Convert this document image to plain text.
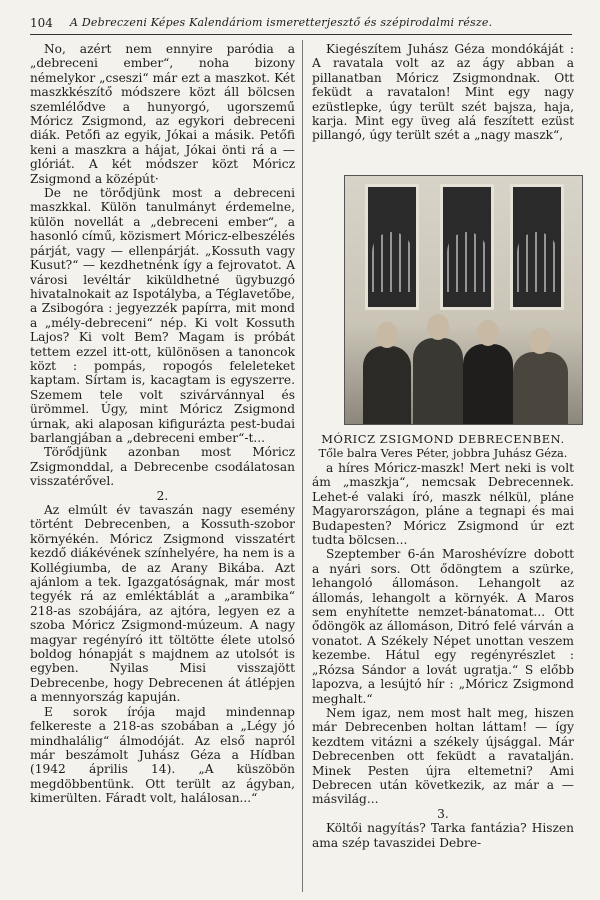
104 A Debreczeni Képes Kalendáriom ismeretterjesztő és szépirodalmi része.

No, azért nem ennyire paródia a „debreceni ember“, noha bizony némelykor „cseszi“ már ezt a maszkot. Két maszkkészítő módszere közt áll bölcsen szemlélődve a hunyorgó, ugorszemű Móricz Zsigmond, az egykori debreceni diák. Petőfi az egyik, Jókai a másik. Petőfi keni a maszkra a hájat, Jókai önti rá a — glóriát. A két módszer közt Móricz Zsigmond a középút·

De ne törődjünk most a debreceni maszkkal. Külön tanulmányt érdemelne, külön novellát a „debreceni ember“, a hasonló című, közismert Móricz-elbeszélés párját, vagy — ellenpárját. „Kossuth vagy Kusut?“ — kezdhetnénk így a fejrovatot. A városi levéltár kiküldhetné ügybuzgó hivatalnokait az Ispotályba, a Téglavetőbe, a Zsibogóra : jegyezzék papírra, mit mond a „mély-debreceni“ nép. Ki volt Kossuth Lajos? Ki volt Bem? Magam is próbát tettem ezzel itt-ott, különösen a tanoncok közt : pompás, ropogós feleleteket kaptam. Sírtam is, kacagtam is egyszerre. Szemem tele volt szivárvánnyal és ürömmel. Úgy, mint Móricz Zsigmond úrnak, aki alaposan kifigurázta pest-budai barlangjában a „debreceni ember“-t...

Törődjünk azonban most Móricz Zsigmonddal, a Debrecenbe csodálatosan visszatérővel.

2.

Az elmúlt év tavaszán nagy esemény történt Debrecenben, a Kossuth-szobor környékén. Móricz Zsigmond visszatért kezdő diákévének színhelyére, ha nem is a Kollégiumba, de az Arany Bikába. Azt ajánlom a tek. Igazgatóságnak, már most tegyék rá az emléktáblát a „arambika“ 218-as szobájára, az ajtóra, legyen ez a szoba Móricz Zsigmond-múzeum. A nagy magyar regényíró itt töltötte élete utolsó boldog hónapját s majdnem az utolsót is egyben. Nyilas Misi visszajött Debrecenbe, hogy Debrecenen át átlépjen a mennyország kapuján.

E sorok írója majd mindennap felkereste a 218-as szobában a „Légy jó mindhalálig“ álmodóját. Az első napról már beszámolt Juhász Géza a Hídban (1942 április 14). „A küszöbön megdöbbentünk. Ott terült az ágyban, kimerülten. Fáradt volt, halálosan...“

Kiegészítem Juhász Géza mondókáját : A ravatala volt az az ágy abban a pillanatban Móricz Zsigmondnak. Ott feküdt a ravatalon! Mint egy nagy ezüstlepke, úgy terült szét bajsza, haja, karja. Mint egy üveg alá feszített ezüst pillangó, úgy terült szét a „nagy maszk“,

MÓRICZ ZSIGMOND DEBRECENBEN.
Tőle balra Veres Péter, jobbra Juhász Géza.

a híres Móricz-maszk! Mert neki is volt ám „maszkja“, nemcsak Debrecennek. Lehet-é valaki író, maszk nélkül, pláne Magyarországon, pláne a tegnapi és mai Budapesten? Móricz Zsigmond úr ezt tudta bölcsen...

Szeptember 6-án Maroshévízre dobott a nyári sors. Ott ődöngtem a szürke, lehangoló állomáson. Lehangolt az állomás, lehangolt a környék. A Maros sem enyhítette nemzet-bánatomat... Ott ődöngök az állomáson, Ditró felé várván a vonatot. A Székely Népet unottan veszem kezembe. Hátul egy regényrészlet : „Rózsa Sándor a lovát ugratja.“ S előbb lapozva, a lesújtó hír : „Móricz Zsigmond meghalt.“

Nem igaz, nem most halt meg, hiszen már Debrecenben holtan láttam! — így kezdtem vitázni a székely újsággal. Már Debrecenben ott feküdt a ravatalján. Minek Pesten újra eltemetni? Ami Debrecen után következik, az már a — másvilág...

3.

Költői nagyítás? Tarka fantázia? Hiszen ama szép tavaszidei Debre-
